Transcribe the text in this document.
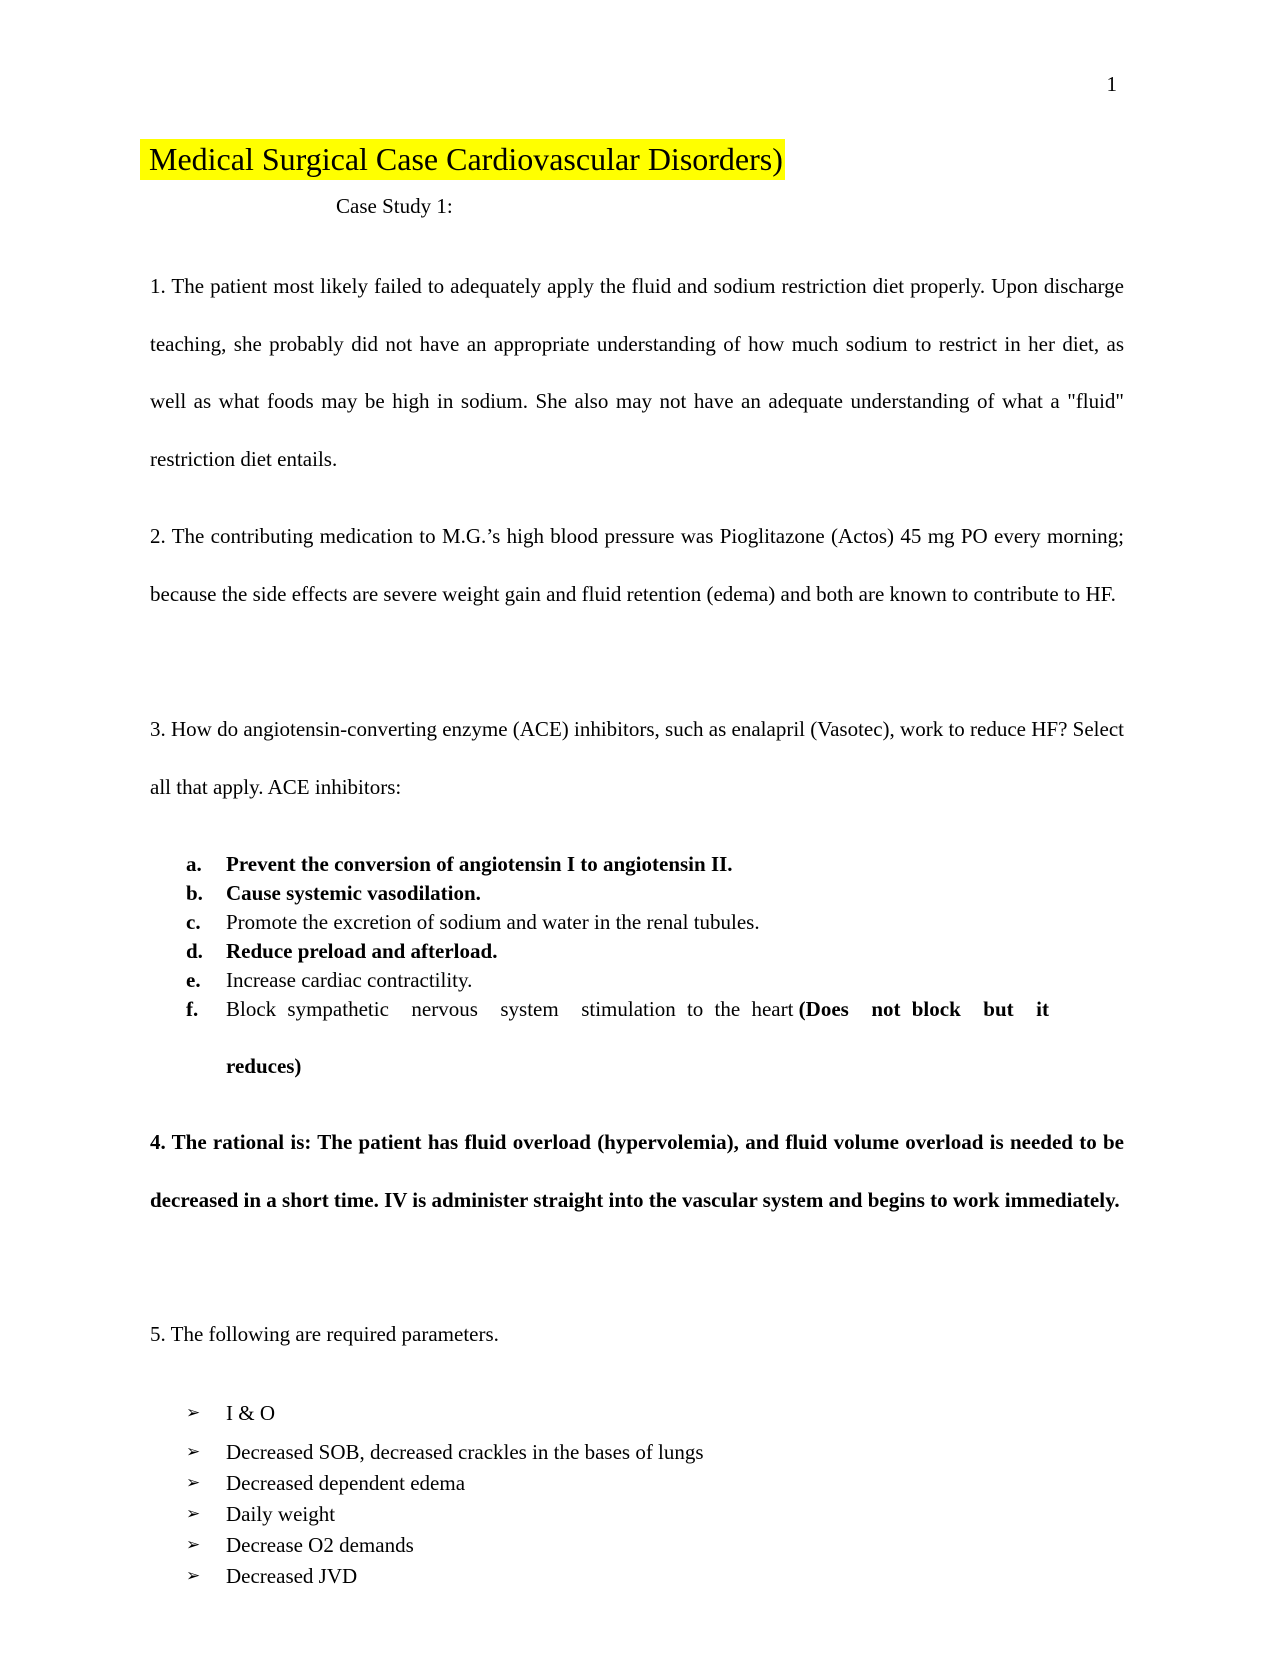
1
Medical Surgical Case Cardiovascular Disorders)
Case Study 1:

1. The patient most likely failed to adequately apply the fluid and sodium restriction diet properly. Upon discharge teaching, she probably did not have an appropriate understanding of how much sodium to restrict in her diet, as well as what foods may be high in sodium. She also may not have an adequate understanding of what a "fluid" restriction diet entails.

2. The contributing medication to M.G.’s high blood pressure was Pioglitazone (Actos) 45 mg PO every morning; because the side effects are severe weight gain and fluid retention (edema) and both are known to contribute to HF.

3. How do angiotensin-converting enzyme (ACE) inhibitors, such as enalapril (Vasotec), work to reduce HF? Select all that apply. ACE inhibitors:

a. Prevent the conversion of angiotensin I to angiotensin II.
b. Cause systemic vasodilation.
c. Promote the excretion of sodium and water in the renal tubules.
d. Reduce preload and afterload.
e. Increase cardiac contractility.
f. Block sympathetic  nervous  system  stimulation to the heart (Does  not block  but  it
reduces)

4. The rational is: The patient has fluid overload (hypervolemia), and fluid volume overload is needed to be decreased in a short time. IV is administer straight into the vascular system and begins to work immediately.

5. The following are required parameters.

➢ I & O
➢ Decreased SOB, decreased crackles in the bases of lungs
➢ Decreased dependent edema
➢ Daily weight
➢ Decrease O2 demands
➢ Decreased JVD
